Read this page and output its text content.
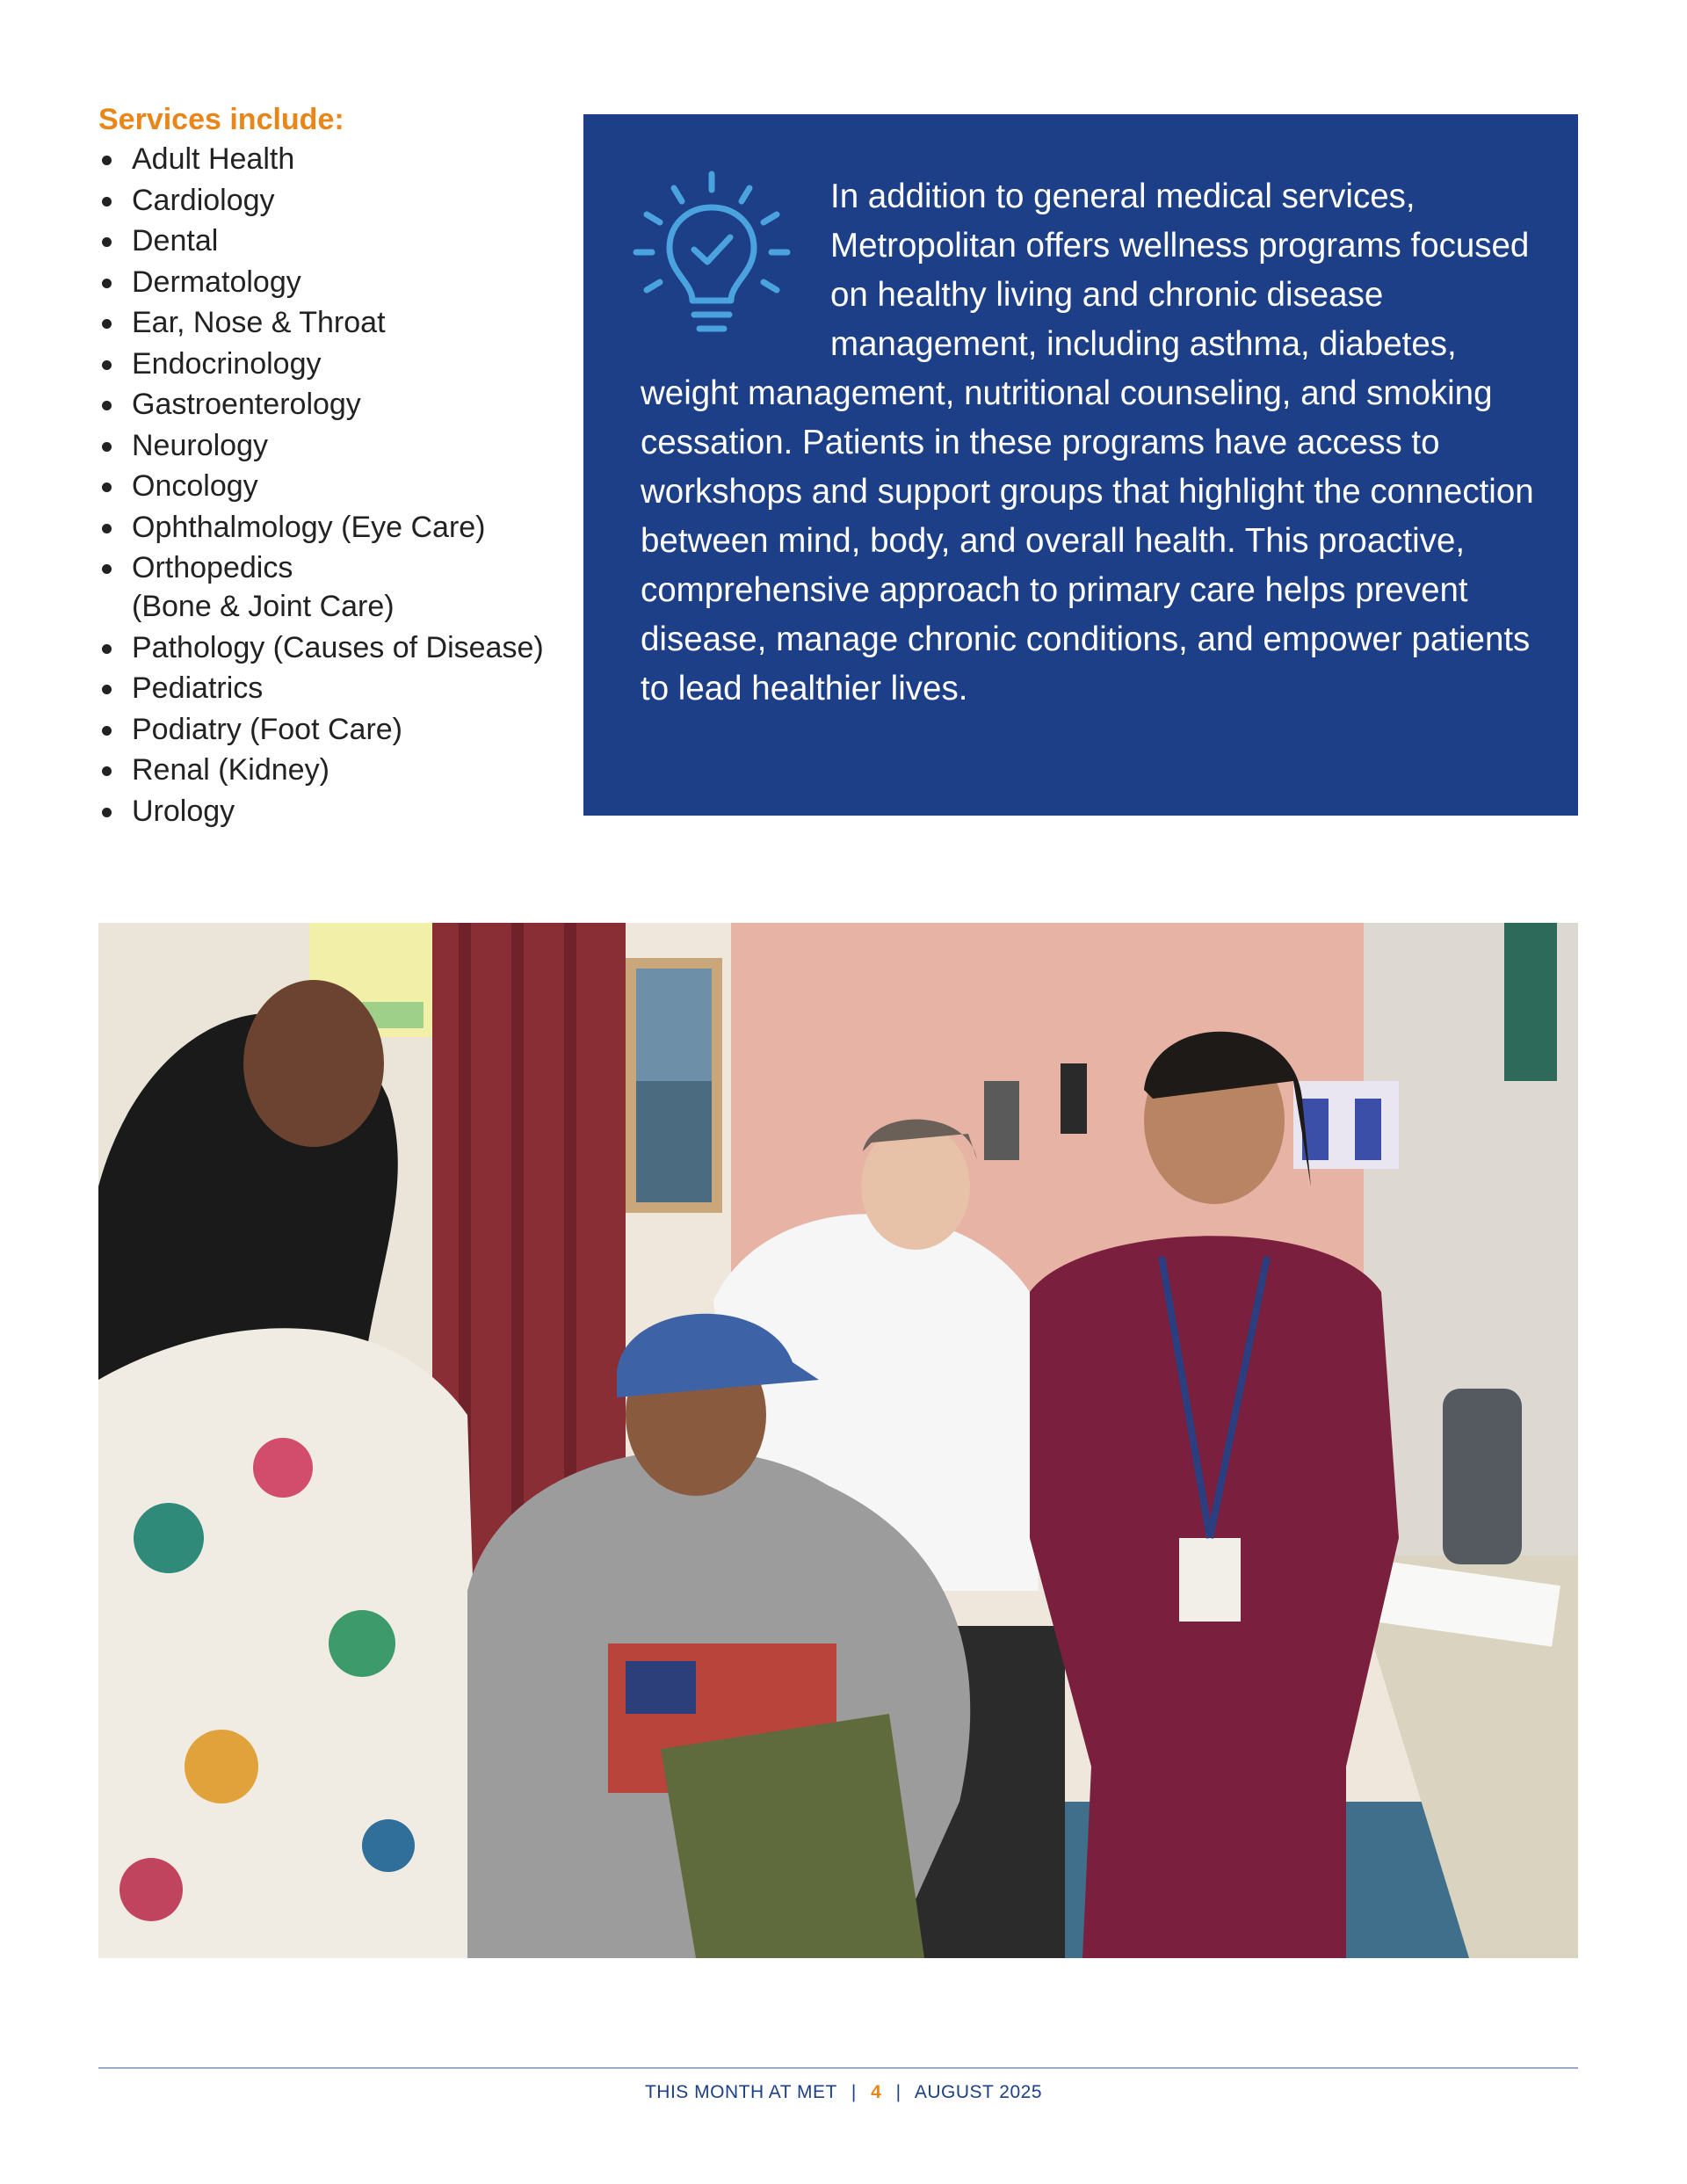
Services include:
Adult Health
Cardiology
Dental
Dermatology
Ear, Nose & Throat
Endocrinology
Gastroenterology
Neurology
Oncology
Ophthalmology (Eye Care)
Orthopedics
(Bone & Joint Care)
Pathology (Causes of Disease)
Pediatrics
Podiatry (Foot Care)
Renal (Kidney)
Urology

In addition to general medical services, Metropolitan offers wellness programs focused on healthy living and chronic disease management, including asthma, diabetes, weight management, nutritional counseling, and smoking cessation. Patients in these programs have access to workshops and support groups that highlight the connection between mind, body, and overall health. This proactive, comprehensive approach to primary care helps prevent disease, manage chronic conditions, and empower patients to lead healthier lives.

THIS MONTH AT MET | 4 | AUGUST 2025
